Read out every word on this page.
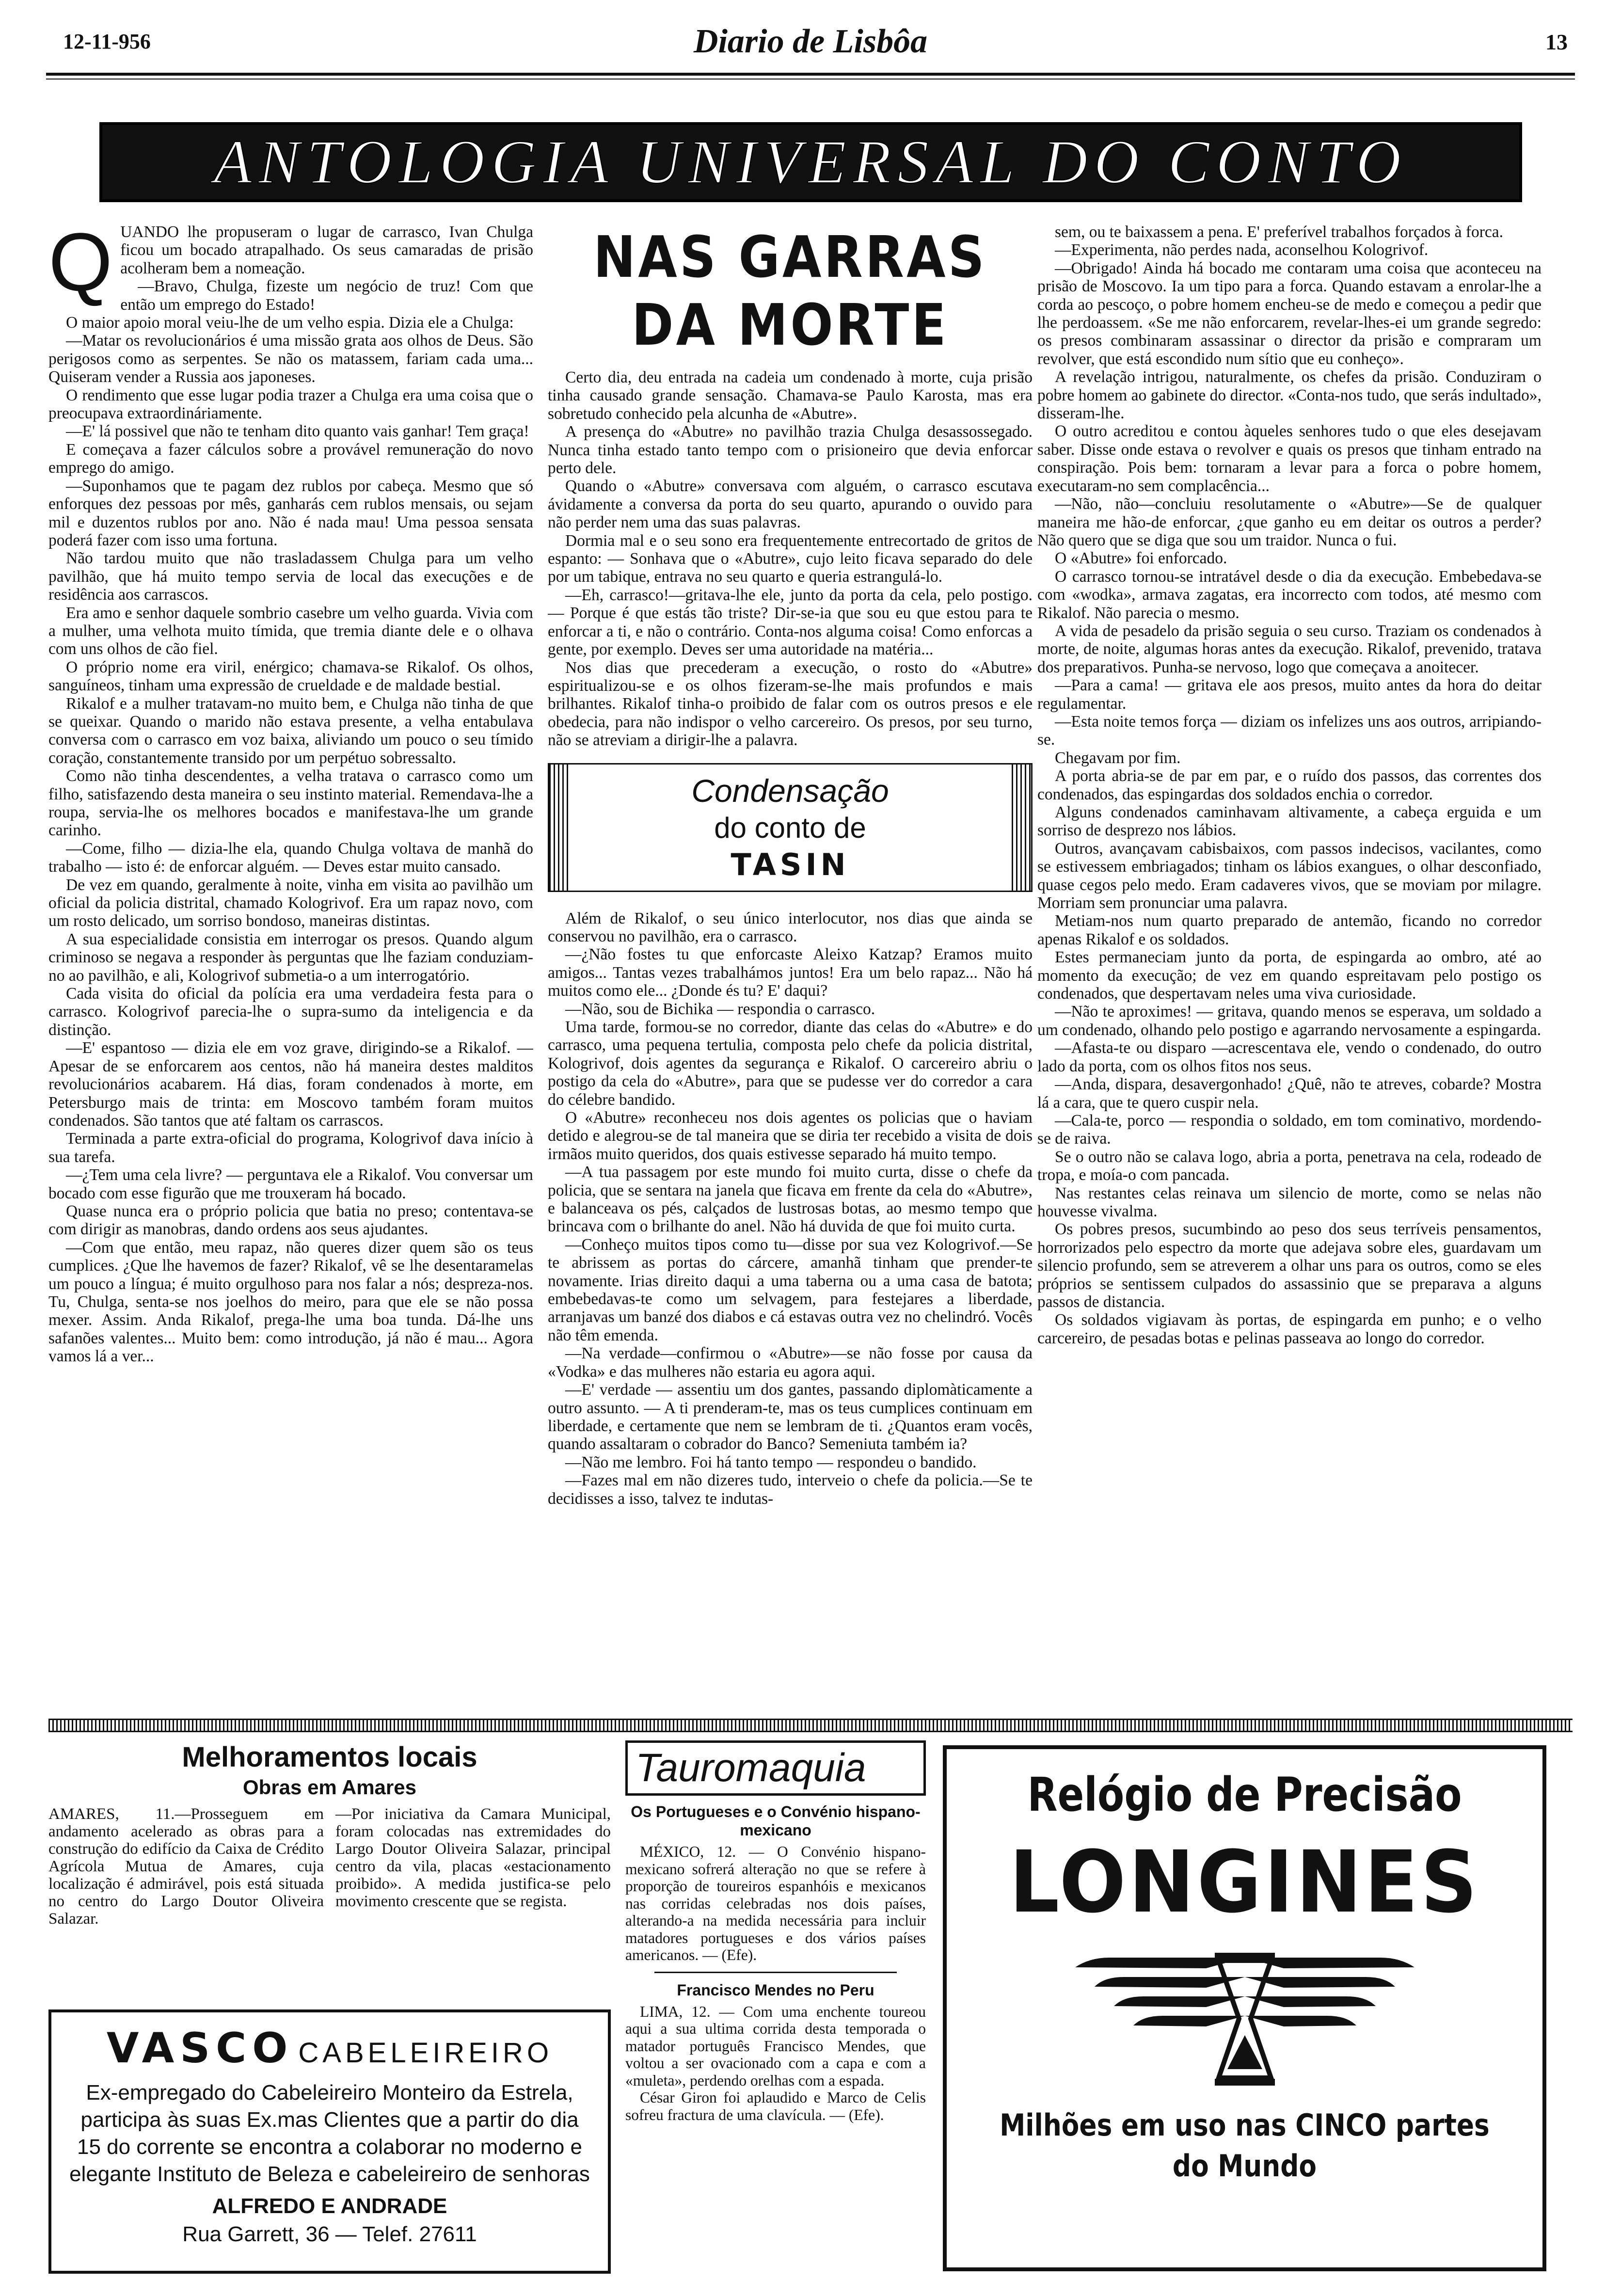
12-11-956	Diario de Lisbôa	13
ANTOLOGIA UNIVERSAL DO CONTO
Q UANDO lhe propuseram o lugar de carrasco, Ivan Chulga ficou um bocado atrapalhado. Os seus camaradas de prisão acolheram bem a nomeação.

—Bravo, Chulga, fizeste um negócio de truz! Com que então um emprego do Estado!

O maior apoio moral veiu-lhe de um velho espia. Dizia ele a Chulga:

—Matar os revolucionários é uma missão grata aos olhos de Deus. São perigosos como as serpentes. Se não os matassem, fariam cada uma... Quiseram vender a Russia aos japoneses.

O rendimento que esse lugar podia trazer a Chulga era uma coisa que o preocupava extraordináriamente.

—E' lá possivel que não te tenham dito quanto vais ganhar! Tem graça!

E começava a fazer cálculos sobre a provável remuneração do novo emprego do amigo.

—Suponhamos que te pagam dez rublos por cabeça. Mesmo que só enforques dez pessoas por mês, ganharás cem rublos mensais, ou sejam mil e duzentos rublos por ano. Não é nada mau! Uma pessoa sensata poderá fazer com isso uma fortuna.

Não tardou muito que não trasladassem Chulga para um velho pavilhão, que há muito tempo servia de local das execuções e de residência aos carrascos.

Era amo e senhor daquele sombrio casebre um velho guarda. Vivia com a mulher, uma velhota muito tímida, que tremia diante dele e o olhava com uns olhos de cão fiel.

O próprio nome era viril, enérgico; chamava-se Rikalof. Os olhos, sanguíneos, tinham uma expressão de crueldade e de maldade bestial.

Rikalof e a mulher tratavam-no muito bem, e Chulga não tinha de que se queixar. Quando o marido não estava presente, a velha entabulava conversa com o carrasco em voz baixa, aliviando um pouco o seu tímido coração, constantemente transido por um perpétuo sobressalto.

Como não tinha descendentes, a velha tratava o carrasco como um filho, satisfazendo desta maneira o seu instinto material. Remendava-lhe a roupa, servia-lhe os melhores bocados e manifestava-lhe um grande carinho.

—Come, filho — dizia-lhe ela, quando Chulga voltava de manhã do trabalho — isto é: de enforcar alguém. — Deves estar muito cansado.

De vez em quando, geralmente à noite, vinha em visita ao pavilhão um oficial da policia distrital, chamado Kologrivof. Era um rapaz novo, com um rosto delicado, um sorriso bondoso, maneiras distintas.

A sua especialidade consistia em interrogar os presos. Quando algum criminoso se negava a responder às perguntas que lhe faziam conduziam-no ao pavilhão, e ali, Kologrivof submetia-o a um interrogatório.

Cada visita do oficial da polícia era uma verdadeira festa para o carrasco. Kologrivof parecia-lhe o supra-sumo da inteligencia e da distinção.

—E' espantoso — dizia ele em voz grave, dirigindo-se a Rikalof. — Apesar de se enforcarem aos centos, não há maneira destes malditos revolucionários acabarem. Há dias, foram condenados à morte, em Petersburgo mais de trinta: em Moscovo também foram muitos condenados. São tantos que até faltam os carrascos.

Terminada a parte extra-oficial do programa, Kologrivof dava início à sua tarefa.

—¿Tem uma cela livre? — perguntava ele a Rikalof. Vou conversar um bocado com esse figurão que me trouxeram há bocado.

Quase nunca era o próprio policia que batia no preso; contentava-se com dirigir as manobras, dando ordens aos seus ajudantes.

—Com que então, meu rapaz, não queres dizer quem são os teus cumplices. ¿Que lhe havemos de fazer? Rikalof, vê se lhe desentaramelas um pouco a língua; é muito orgulhoso para nos falar a nós; despreza-nos. Tu, Chulga, senta-se nos joelhos do meiro, para que ele se não possa mexer. Assim. Anda Rikalof, prega-lhe uma boa tunda. Dá-lhe uns safanões valentes... Muito bem: como introdução, já não é mau... Agora vamos lá a ver...

NAS GARRAS DA MORTE

Certo dia, deu entrada na cadeia um condenado à morte, cuja prisão tinha causado grande sensação. Chamava-se Paulo Karosta, mas era sobretudo conhecido pela alcunha de «Abutre».

A presença do «Abutre» no pavilhão trazia Chulga desassossegado. Nunca tinha estado tanto tempo com o prisioneiro que devia enforcar perto dele.

Quando o «Abutre» conversava com alguém, o carrasco escutava ávidamente a conversa da porta do seu quarto, apurando o ouvido para não perder nem uma das suas palavras.

Dormia mal e o seu sono era frequentemente entrecortado de gritos de espanto: — Sonhava que o «Abutre», cujo leito ficava separado do dele por um tabique, entrava no seu quarto e queria estrangulá-lo.

—Eh, carrasco!—gritava-lhe ele, junto da porta da cela, pelo postigo. — Porque é que estás tão triste? Dir-se-ia que sou eu que estou para te enforcar a ti, e não o contrário. Conta-nos alguma coisa! Como enforcas a gente, por exemplo. Deves ser uma autoridade na matéria...

Nos dias que precederam a execução, o rosto do «Abutre» espiritualizou-se e os olhos fizeram-se-lhe mais profundos e mais brilhantes. Rikalof tinha-o proibido de falar com os outros presos e ele obedecia, para não indispor o velho carcereiro. Os presos, por seu turno, não se atreviam a dirigir-lhe a palavra.

Condensação
do conto de
TASIN

Além de Rikalof, o seu único interlocutor, nos dias que ainda se conservou no pavilhão, era o carrasco.

—¿Não fostes tu que enforcaste Aleixo Katzap? Eramos muito amigos... Tantas vezes trabalhámos juntos! Era um belo rapaz... Não há muitos como ele... ¿Donde és tu? E' daqui?

—Não, sou de Bichika — respondia o carrasco.

Uma tarde, formou-se no corredor, diante das celas do «Abutre» e do carrasco, uma pequena tertulia, composta pelo chefe da policia distrital, Kologrivof, dois agentes da segurança e Rikalof. O carcereiro abriu o postigo da cela do «Abutre», para que se pudesse ver do corredor a cara do célebre bandido.

O «Abutre» reconheceu nos dois agentes os policias que o haviam detido e alegrou-se de tal maneira que se diria ter recebido a visita de dois irmãos muito queridos, dos quais estivesse separado há muito tempo.

—A tua passagem por este mundo foi muito curta, disse o chefe da policia, que se sentara na janela que ficava em frente da cela do «Abutre», e balanceava os pés, calçados de lustrosas botas, ao mesmo tempo que brincava com o brilhante do anel. Não há duvida de que foi muito curta.

—Conheço muitos tipos como tu—disse por sua vez Kologrivof.—Se te abrissem as portas do cárcere, amanhã tinham que prender-te novamente. Irias direito daqui a uma taberna ou a uma casa de batota; embebedavas-te como um selvagem, para festejares a liberdade, arranjavas um banzé dos diabos e cá estavas outra vez no chelindró. Vocês não têm emenda.

—Na verdade—confirmou o «Abutre»—se não fosse por causa da «Vodka» e das mulheres não estaria eu agora aqui.

—E' verdade — assentiu um dos gantes, passando diplomàticamente a outro assunto. — A ti prenderam-te, mas os teus cumplices continuam em liberdade, e certamente que nem se lembram de ti. ¿Quantos eram vocês, quando assaltaram o cobrador do Banco? Semeniuta também ia?

—Não me lembro. Foi há tanto tempo — respondeu o bandido.

—Fazes mal em não dizeres tudo, interveio o chefe da policia.—Se te decidisses a isso, talvez te indutas-

sem, ou te baixassem a pena. E' preferível trabalhos forçados à forca.

—Experimenta, não perdes nada, aconselhou Kologrivof.

—Obrigado! Ainda há bocado me contaram uma coisa que aconteceu na prisão de Moscovo. Ia um tipo para a forca. Quando estavam a enrolar-lhe a corda ao pescoço, o pobre homem encheu-se de medo e começou a pedir que lhe perdoassem. «Se me não enforcarem, revelar-lhes-ei um grande segredo: os presos combinaram assassinar o director da prisão e compraram um revolver, que está escondido num sítio que eu conheço».

A revelação intrigou, naturalmente, os chefes da prisão. Conduziram o pobre homem ao gabinete do director. «Conta-nos tudo, que serás indultado», disseram-lhe.

O outro acreditou e contou àqueles senhores tudo o que eles desejavam saber. Disse onde estava o revolver e quais os presos que tinham entrado na conspiração. Pois bem: tornaram a levar para a forca o pobre homem, executaram-no sem complacência...

—Não, não—concluiu resolutamente o «Abutre»—Se de qualquer maneira me hão-de enforcar, ¿que ganho eu em deitar os outros a perder? Não quero que se diga que sou um traidor. Nunca o fui.

O «Abutre» foi enforcado.

O carrasco tornou-se intratável desde o dia da execução. Embebedava-se com «wodka», armava zagatas, era incorrecto com todos, até mesmo com Rikalof. Não parecia o mesmo.

A vida de pesadelo da prisão seguia o seu curso. Traziam os condenados à morte, de noite, algumas horas antes da execução. Rikalof, prevenido, tratava dos preparativos. Punha-se nervoso, logo que começava a anoitecer.

—Para a cama! — gritava ele aos presos, muito antes da hora do deitar regulamentar.

—Esta noite temos força — diziam os infelizes uns aos outros, arripiando-se.

Chegavam por fim.

A porta abria-se de par em par, e o ruído dos passos, das correntes dos condenados, das espingardas dos soldados enchia o corredor.

Alguns condenados caminhavam altivamente, a cabeça erguida e um sorriso de desprezo nos lábios.

Outros, avançavam cabisbaixos, com passos indecisos, vacilantes, como se estivessem embriagados; tinham os lábios exangues, o olhar desconfiado, quase cegos pelo medo. Eram cadaveres vivos, que se moviam por milagre. Morriam sem pronunciar uma palavra.

Metiam-nos num quarto preparado de antemão, ficando no corredor apenas Rikalof e os soldados.

Estes permaneciam junto da porta, de espingarda ao ombro, até ao momento da execução; de vez em quando espreitavam pelo postigo os condenados, que despertavam neles uma viva curiosidade.

—Não te aproximes! — gritava, quando menos se esperava, um soldado a um condenado, olhando pelo postigo e agarrando nervosamente a espingarda.

—Afasta-te ou disparo —acrescentava ele, vendo o condenado, do outro lado da porta, com os olhos fitos nos seus.

—Anda, dispara, desavergonhado! ¿Quê, não te atreves, cobarde? Mostra lá a cara, que te quero cuspir nela.

—Cala-te, porco — respondia o soldado, em tom cominativo, mordendo-se de raiva.

Se o outro não se calava logo, abria a porta, penetrava na cela, rodeado de tropa, e moía-o com pancada.

Nas restantes celas reinava um silencio de morte, como se nelas não houvesse vivalma.

Os pobres presos, sucumbindo ao peso dos seus terríveis pensamentos, horrorizados pelo espectro da morte que adejava sobre eles, guardavam um silencio profundo, sem se atreverem a olhar uns para os outros, como se eles próprios se sentissem culpados do assassinio que se preparava a alguns passos de distancia.

Os soldados vigiavam às portas, de espingarda em punho; e o velho carcereiro, de pesadas botas e pelinas passeava ao longo do corredor.

Melhoramentos locais
Obras em Amares
AMARES, 11.—Prosseguem em andamento acelerado as obras para a construção do edifício da Caixa de Crédito Agrícola Mutua de Amares, cuja localização é admirável, pois está situada no centro do Largo Doutor Oliveira Salazar.
—Por iniciativa da Camara Municipal, foram colocadas nas extremidades do Largo Doutor Oliveira Salazar, principal centro da vila, placas «estacionamento proibido». A medida justifica-se pelo movimento crescente que se regista.
VASCO CABELEIREIRO
Ex-empregado do Cabeleireiro Monteiro da Estrela, participa às suas Ex.mas Clientes que a partir do dia 15 do corrente se encontra a colaborar no moderno e elegante Instituto de Beleza e cabeleireiro de senhoras
ALFREDO E ANDRADE
Rua Garrett, 36 — Telef. 27611
Tauromaquia
Os Portugueses e o Convénio hispano-mexicano

MÉXICO, 12. — O Convénio hispano-mexicano sofrerá alteração no que se refere à proporção de toureiros espanhóis e mexicanos nas corridas celebradas nos dois países, alterando-a na medida necessária para incluir matadores portugueses e dos vários países americanos. — (Efe).

Francisco Mendes no Peru

LIMA, 12. — Com uma enchente toureou aqui a sua ultima corrida desta temporada o matador português Francisco Mendes, que voltou a ser ovacionado com a capa e com a «muleta», perdendo orelhas com a espada.

César Giron foi aplaudido e Marco de Celis sofreu fractura de uma clavícula. — (Efe).

Relógio de Precisão
LONGINES
Milhões em uso nas CINCO partes do Mundo
